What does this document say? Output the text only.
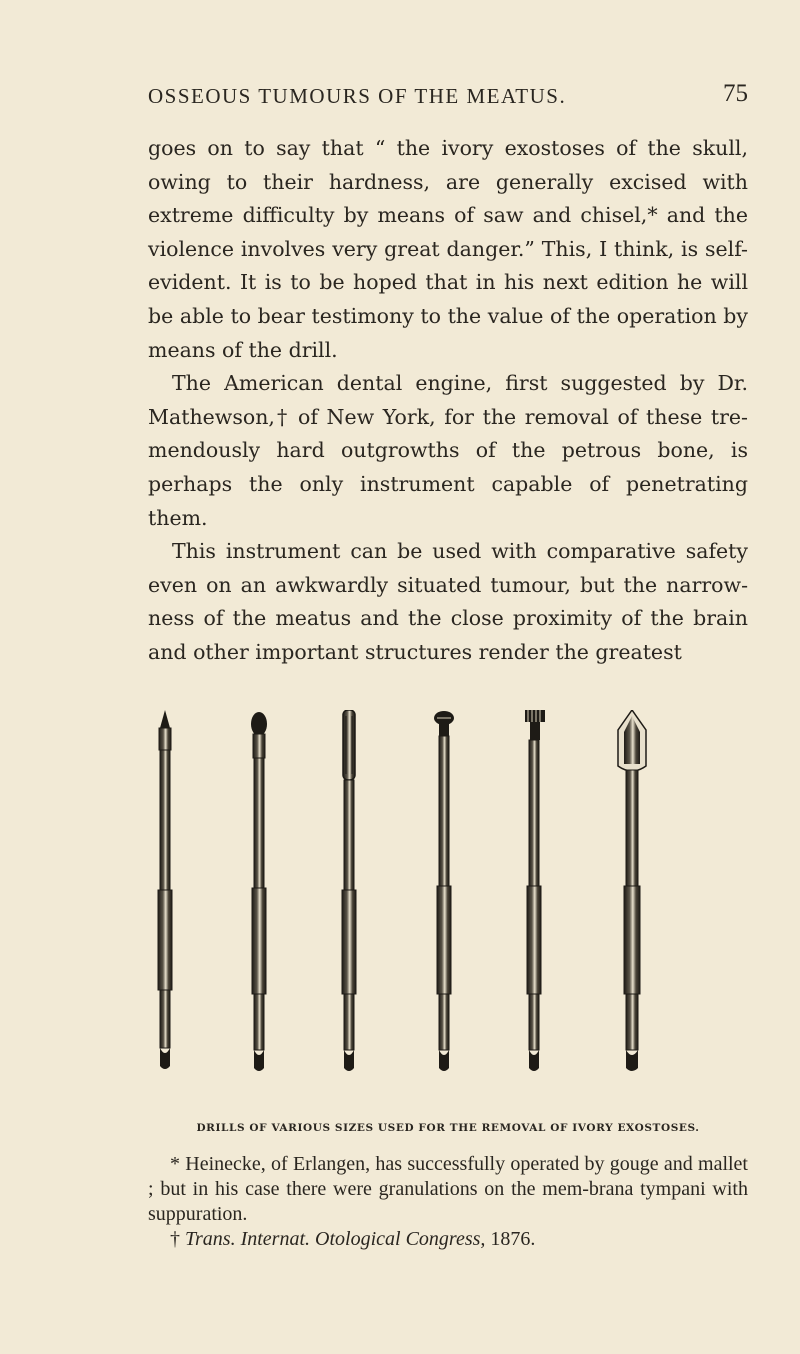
OSSEOUS TUMOURS OF THE MEATUS.	75

goes on to say that “ the ivory exostoses of the skull, owing to their hardness, are generally excised with extreme difficulty by means of saw and chisel,* and the violence involves very great danger.” This, I think, is self-evident. It is to be hoped that in his next edition he will be able to bear testimony to the value of the operation by means of the drill.

The American dental engine, first suggested by Dr. Mathewson,† of New York, for the removal of these tre-mendously hard outgrowths of the petrous bone, is perhaps the only instrument capable of penetrating them.

This instrument can be used with comparative safety even on an awkwardly situated tumour, but the narrow-ness of the meatus and the close proximity of the brain and other important structures render the greatest

DRILLS OF VARIOUS SIZES USED FOR THE REMOVAL OF IVORY EXOSTOSES.

* Heinecke, of Erlangen, has successfully operated by gouge and mallet ; but in his case there were granulations on the mem-brana tympani with suppuration.

† Trans. Internat. Otological Congress, 1876.
